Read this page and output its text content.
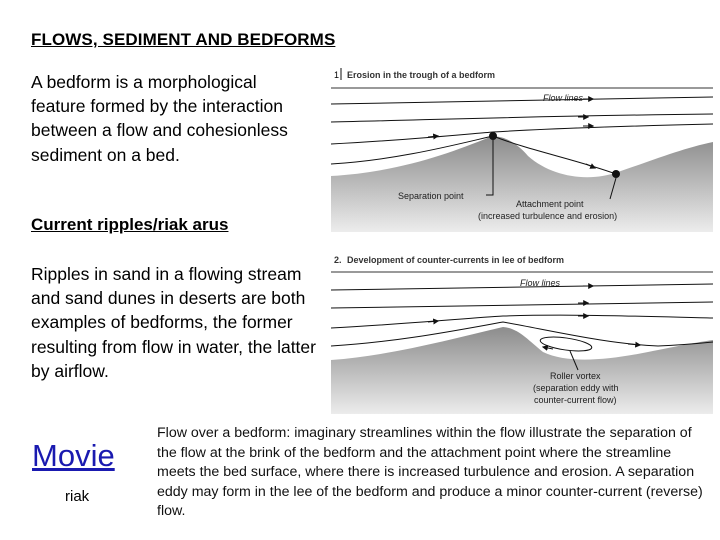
FLOWS, SEDIMENT AND BEDFORMS
A bedform is a morphological feature formed by the interaction between a flow and cohesionless sediment on a bed.
Current ripples/riak arus
Ripples in sand in a flowing stream and sand dunes in deserts are both examples of bedforms, the former resulting from flow in water, the latter by airflow.
Movie
riak
Flow over a bedform: imaginary streamlines within the flow illustrate the separation of the flow at the brink of the bedform and the attachment point where the streamline meets the bed surface, where there is increased turbulence and erosion. A separation eddy may form in the lee of the bedform and produce a minor counter-current (reverse) flow.
1 Erosion in the trough of a bedform
Flow lines
Separation point
Attachment point
(increased turbulence and erosion)
2. Development of counter-currents in lee of bedform
Flow lines
Roller vortex
(separation eddy with
counter-current flow)
